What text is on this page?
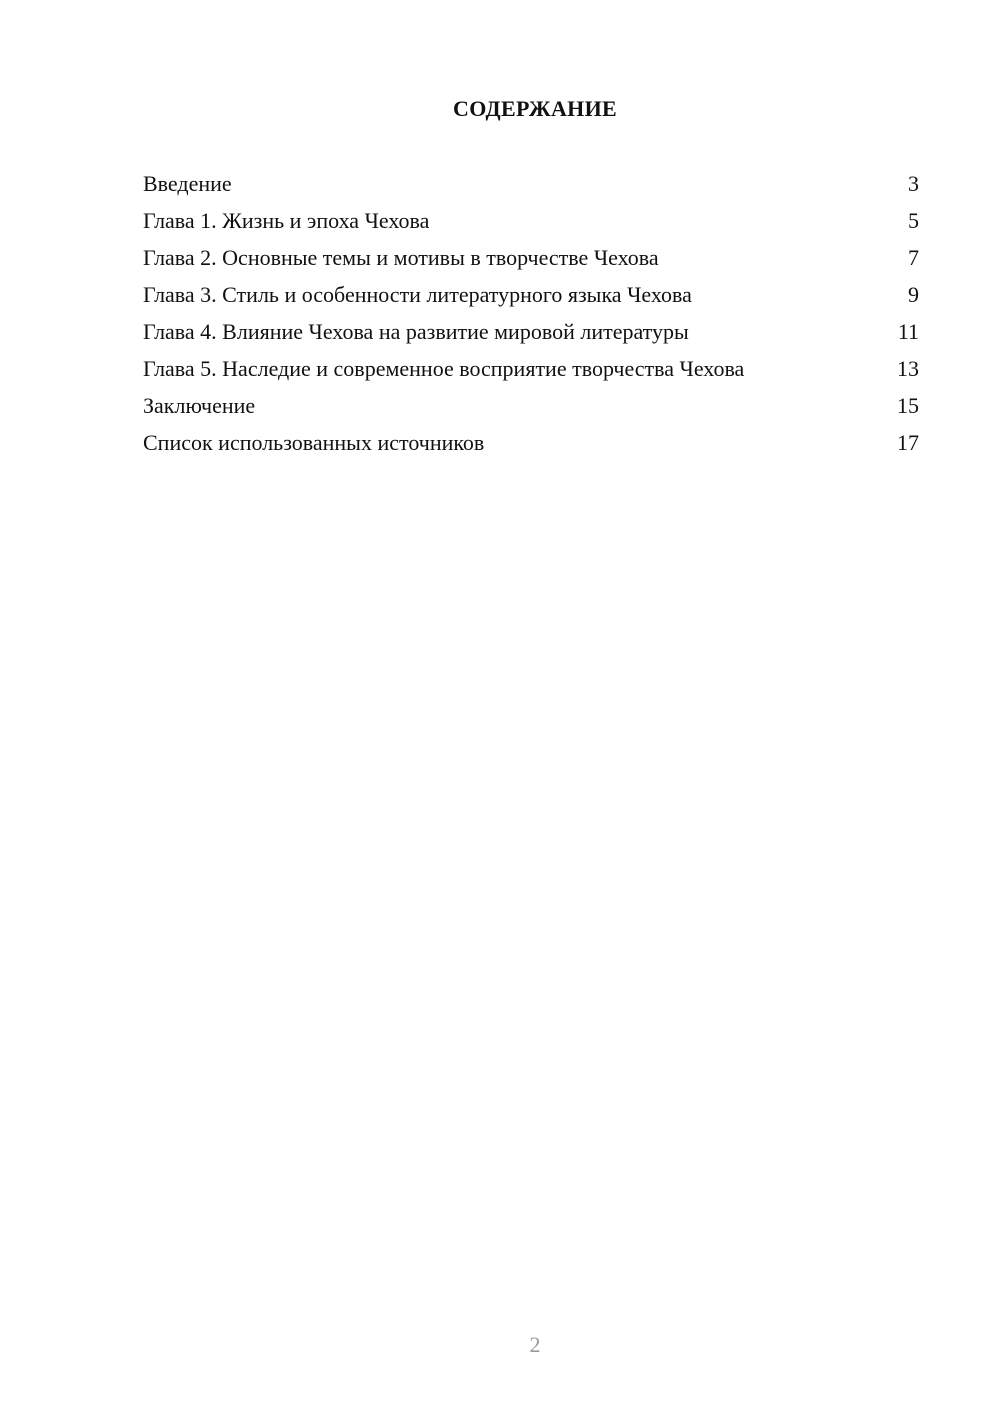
СОДЕРЖАНИЕ
Введение	3
Глава 1. Жизнь и эпоха Чехова	5
Глава 2. Основные темы и мотивы в творчестве Чехова	7
Глава 3. Стиль и особенности литературного языка Чехова	9
Глава 4. Влияние Чехова на развитие мировой литературы	11
Глава 5. Наследие и современное восприятие творчества Чехова	13
Заключение	15
Список использованных источников	17
2
